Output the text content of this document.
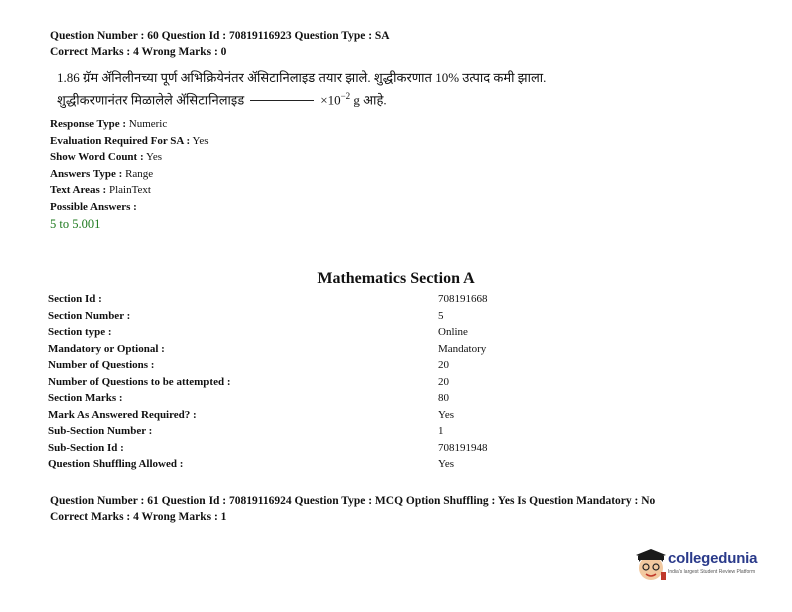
Question Number : 60 Question Id : 70819116923 Question Type : SA
Correct Marks : 4 Wrong Marks : 0
1.86 ग्रॅम ॲनिलीनच्या पूर्ण अभिक्रियेनंतर ॲसिटानिलाइड तयार झाले. शुद्धीकरणात 10% उत्पाद कमी झाला.
शुद्धीकरणानंतर मिळालेले ॲसिटानिलाइड	$\times 10^{-2}$ g आहे.
Response Type : Numeric
Evaluation Required For SA : Yes
Show Word Count : Yes
Answers Type : Range
Text Areas : PlainText
Possible Answers :
5 to 5.001
Mathematics Section A
Section Id :	708191668
Section Number :	5
Section type :	Online
Mandatory or Optional :	Mandatory
Number of Questions :	20
Number of Questions to be attempted :	20
Section Marks :	80
Mark As Answered Required? :	Yes
Sub-Section Number :	1
Sub-Section Id :	708191948
Question Shuffling Allowed :	Yes
Question Number : 61 Question Id : 70819116924 Question Type : MCQ Option Shuffling : Yes Is Question Mandatory : No
Correct Marks : 4 Wrong Marks : 1
collegedunia
India's largest Student Review Platform
